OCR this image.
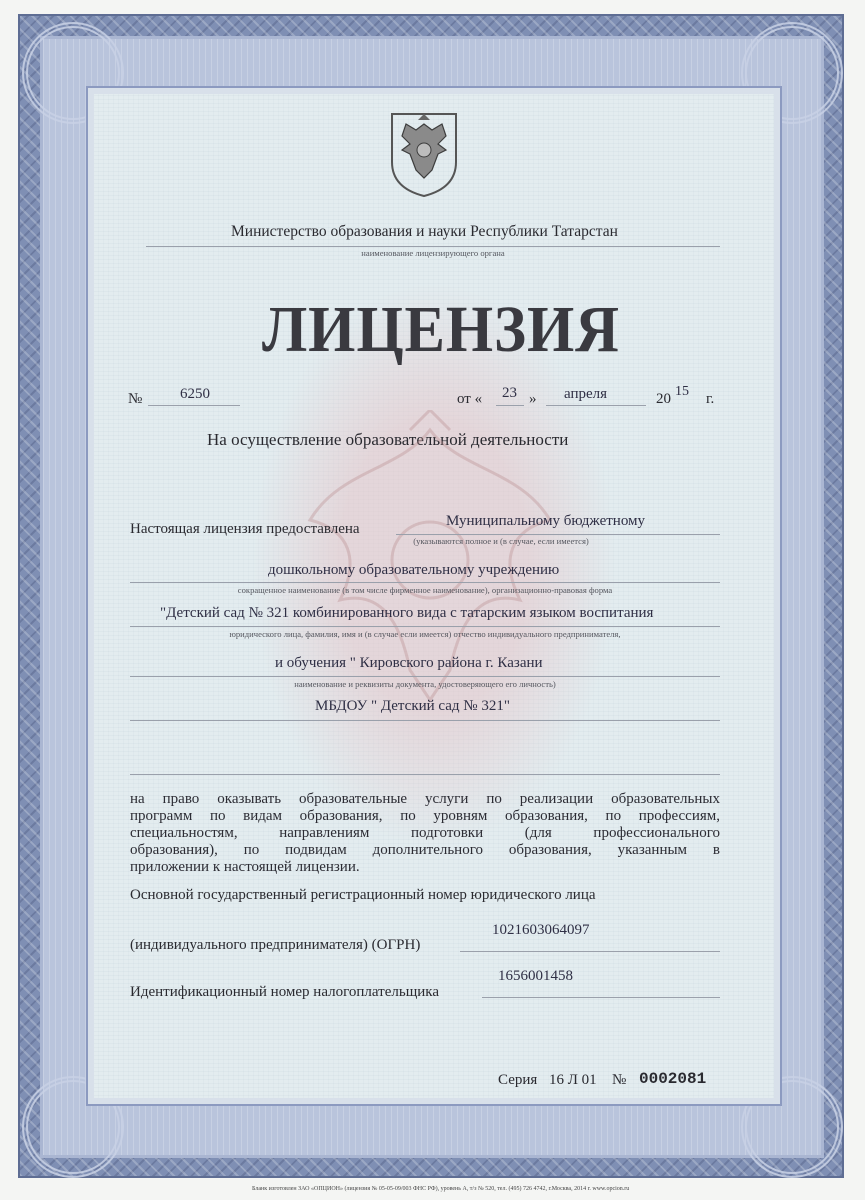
Министерство образования и науки Республики Татарстан
наименование лицензирующего органа
ЛИЦЕНЗИЯ
№	6250	от « 23 » апреля	20 15 г.
На осуществление образовательной деятельности
Настоящая лицензия предоставлена	Муниципальному бюджетному
(указываются полное и (в случае, если имеется)
дошкольному образовательному учреждению
сокращенное наименование (в том числе фирменное наименование), организационно-правовая форма
"Детский сад № 321 комбинированного вида с татарским языком воспитания
юридического лица, фамилия, имя и (в случае если имеется) отчество индивидуального предпринимателя,
и обучения " Кировского района г. Казани
наименование и реквизиты документа, удостоверяющего его личность)
МБДОУ " Детский сад № 321"
на право оказывать образовательные услуги по реализации образовательных
программ по видам образования, по уровням образования, по профессиям,
специальностям, направлениям подготовки (для профессионального
образования), по подвидам дополнительного образования, указанным в
приложении к настоящей лицензии.
Основной государственный регистрационный номер юридического лица
(индивидуального предпринимателя) (ОГРН)
1021603064097
Идентификационный номер налогоплательщика
1656001458
Серия 16 Л 01 № 0002081
Бланк изготовлен ЗАО «ОПЦИОН» (лицензия № 05-05-09/003 ФНС РФ), уровень А, т/з № 520, тел. (495) 726 4742, г.Москва, 2014 г. www.opcion.ru
